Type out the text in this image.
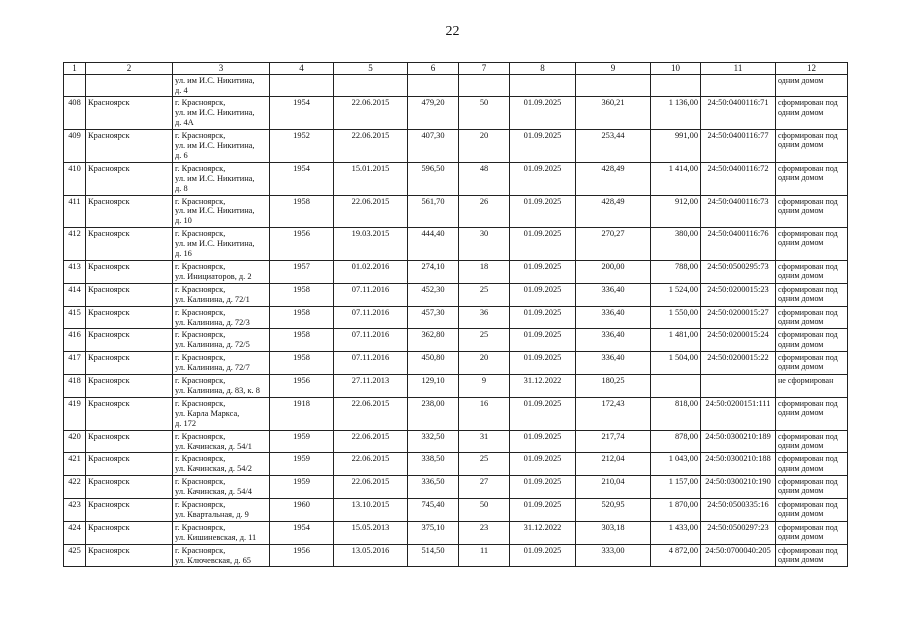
22
1	2	3	4	5	6	7	8	9	10	11	12

		ул. им И.С. Никитина,
д. 4									одним домом
408	Красноярск	г. Красноярск,
ул. им И.С. Никитина,
д. 4А	1954	22.06.2015	479,20	50	01.09.2025	360,21	1 136,00	24:50:0400116:71	сформирован под одним домом
409	Красноярск	г. Красноярск,
ул. им И.С. Никитина,
д. 6	1952	22.06.2015	407,30	20	01.09.2025	253,44	991,00	24:50:0400116:77	сформирован под одним домом
410	Красноярск	г. Красноярск,
ул. им И.С. Никитина,
д. 8	1954	15.01.2015	596,50	48	01.09.2025	428,49	1 414,00	24:50:0400116:72	сформирован под одним домом
411	Красноярск	г. Красноярск,
ул. им И.С. Никитина,
д. 10	1958	22.06.2015	561,70	26	01.09.2025	428,49	912,00	24:50:0400116:73	сформирован под одним домом
412	Красноярск	г. Красноярск,
ул. им И.С. Никитина,
д. 16	1956	19.03.2015	444,40	30	01.09.2025	270,27	380,00	24:50:0400116:76	сформирован под одним домом
413	Красноярск	г. Красноярск,
ул. Инициаторов, д. 2	1957	01.02.2016	274,10	18	01.09.2025	200,00	788,00	24:50:0500295:73	сформирован под одним домом
414	Красноярск	г. Красноярск,
ул. Калинина, д. 72/1	1958	07.11.2016	452,30	25	01.09.2025	336,40	1 524,00	24:50:0200015:23	сформирован под одним домом
415	Красноярск	г. Красноярск,
ул. Калинина, д. 72/3	1958	07.11.2016	457,30	36	01.09.2025	336,40	1 550,00	24:50:0200015:27	сформирован под одним домом
416	Красноярск	г. Красноярск,
ул. Калинина, д. 72/5	1958	07.11.2016	362,80	25	01.09.2025	336,40	1 481,00	24:50:0200015:24	сформирован под одним домом
417	Красноярск	г. Красноярск,
ул. Калинина, д. 72/7	1958	07.11.2016	450,80	20	01.09.2025	336,40	1 504,00	24:50:0200015:22	сформирован под одним домом
418	Красноярск	г. Красноярск,
ул. Калинина, д. 83, к. 8	1956	27.11.2013	129,10	9	31.12.2022	180,25			не сформирован
419	Красноярск	г. Красноярск,
ул. Карла Маркса,
д. 172	1918	22.06.2015	238,00	16	01.09.2025	172,43	818,00	24:50:0200151:111	сформирован под одним домом
420	Красноярск	г. Красноярск,
ул. Качинская, д. 54/1	1959	22.06.2015	332,50	31	01.09.2025	217,74	878,00	24:50:0300210:189	сформирован под одним домом
421	Красноярск	г. Красноярск,
ул. Качинская, д. 54/2	1959	22.06.2015	338,50	25	01.09.2025	212,04	1 043,00	24:50:0300210:188	сформирован под одним домом
422	Красноярск	г. Красноярск,
ул. Качинская, д. 54/4	1959	22.06.2015	336,50	27	01.09.2025	210,04	1 157,00	24:50:0300210:190	сформирован под одним домом
423	Красноярск	г. Красноярск,
ул. Квартальная, д. 9	1960	13.10.2015	745,40	50	01.09.2025	520,95	1 870,00	24:50:0500335:16	сформирован под одним домом
424	Красноярск	г. Красноярск,
ул. Кишиневская, д. 11	1954	15.05.2013	375,10	23	31.12.2022	303,18	1 433,00	24:50:0500297:23	сформирован под одним домом
425	Красноярск	г. Красноярск,
ул. Ключевская, д. 65	1956	13.05.2016	514,50	11	01.09.2025	333,00	4 872,00	24:50:0700040:205	сформирован под одним домом
